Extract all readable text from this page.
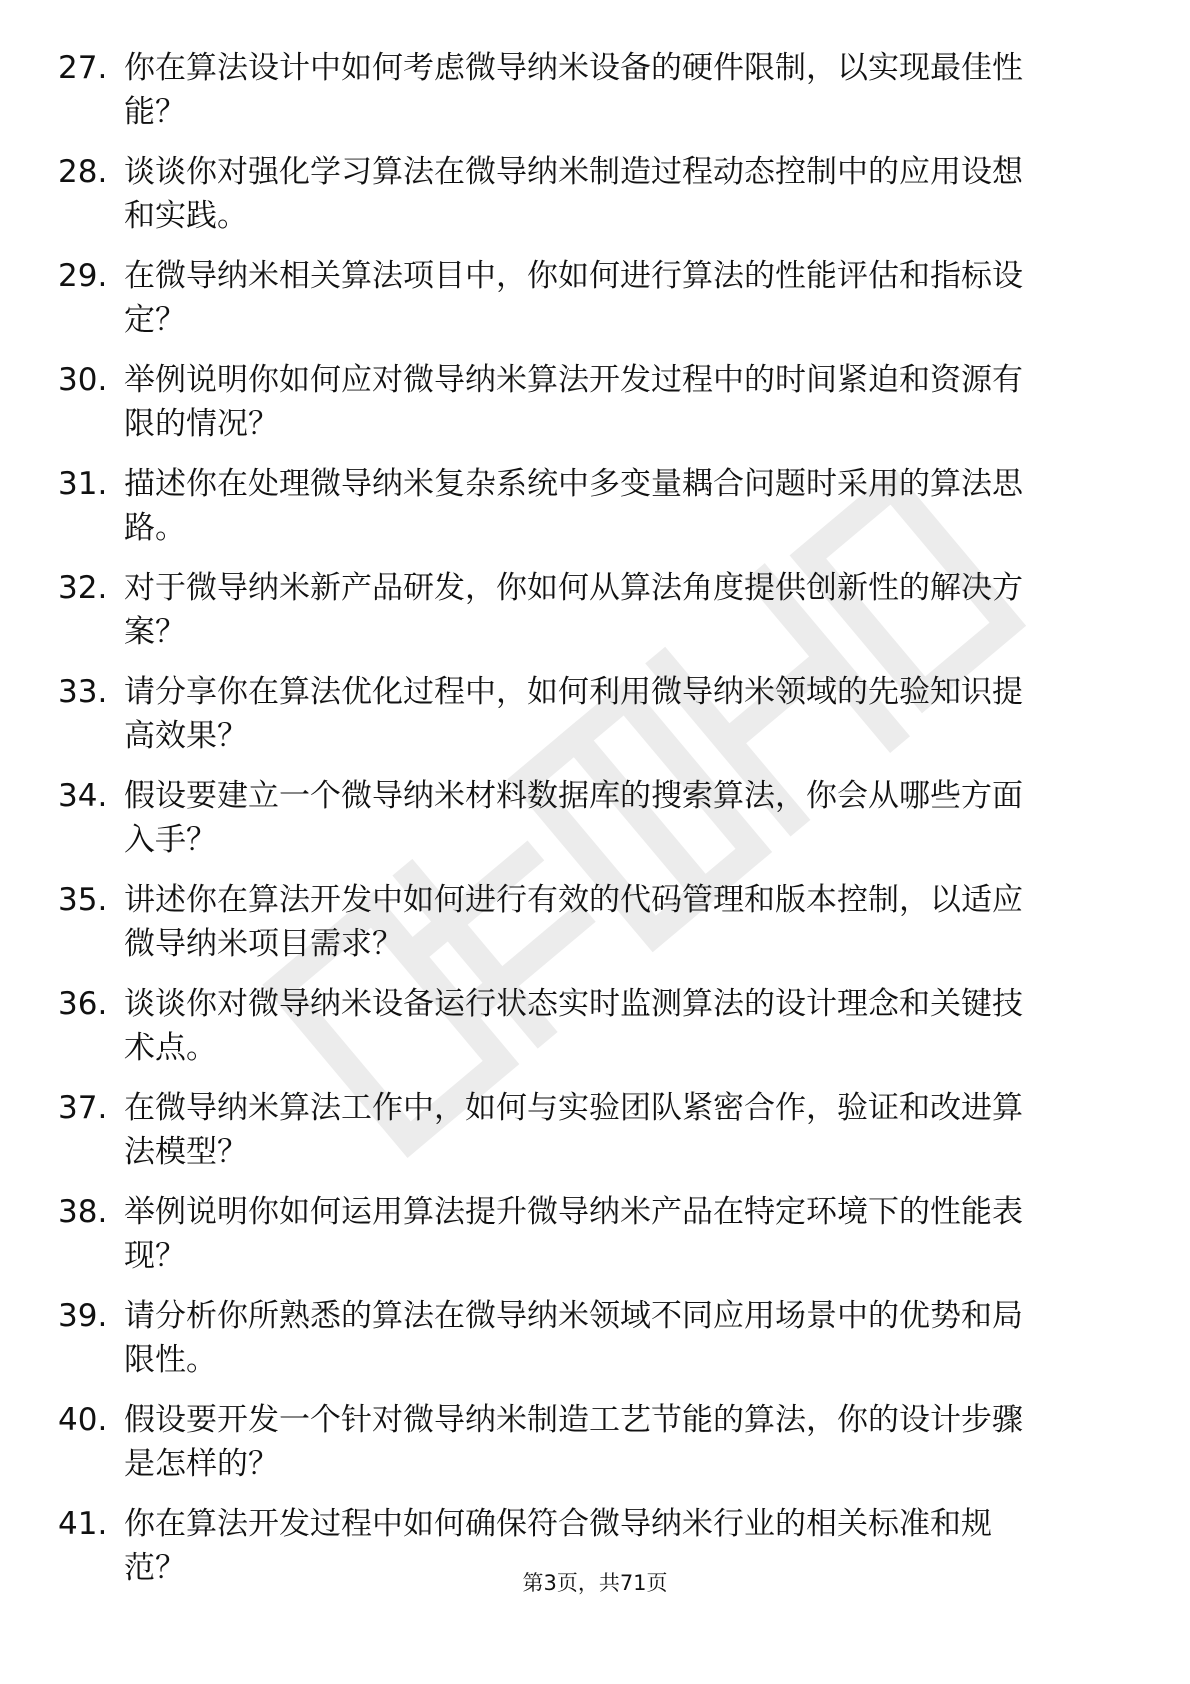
27. 你在算法设计中如何考虑微导纳米设备的硬件限制，以实现最佳性能？
28. 谈谈你对强化学习算法在微导纳米制造过程动态控制中的应用设想和实践。
29. 在微导纳米相关算法项目中，你如何进行算法的性能评估和指标设定？
30. 举例说明你如何应对微导纳米算法开发过程中的时间紧迫和资源有限的情况？
31. 描述你在处理微导纳米复杂系统中多变量耦合问题时采用的算法思路。
32. 对于微导纳米新产品研发，你如何从算法角度提供创新性的解决方案？
33. 请分享你在算法优化过程中，如何利用微导纳米领域的先验知识提高效果？
34. 假设要建立一个微导纳米材料数据库的搜索算法，你会从哪些方面入手？
35. 讲述你在算法开发中如何进行有效的代码管理和版本控制，以适应微导纳米项目需求？
36. 谈谈你对微导纳米设备运行状态实时监测算法的设计理念和关键技术点。
37. 在微导纳米算法工作中，如何与实验团队紧密合作，验证和改进算法模型？
38. 举例说明你如何运用算法提升微导纳米产品在特定环境下的性能表现？
39. 请分析你所熟悉的算法在微导纳米领域不同应用场景中的优势和局限性。
40. 假设要开发一个针对微导纳米制造工艺节能的算法，你的设计步骤是怎样的？
41. 你在算法开发过程中如何确保符合微导纳米行业的相关标准和规范？	第3页，共71页
